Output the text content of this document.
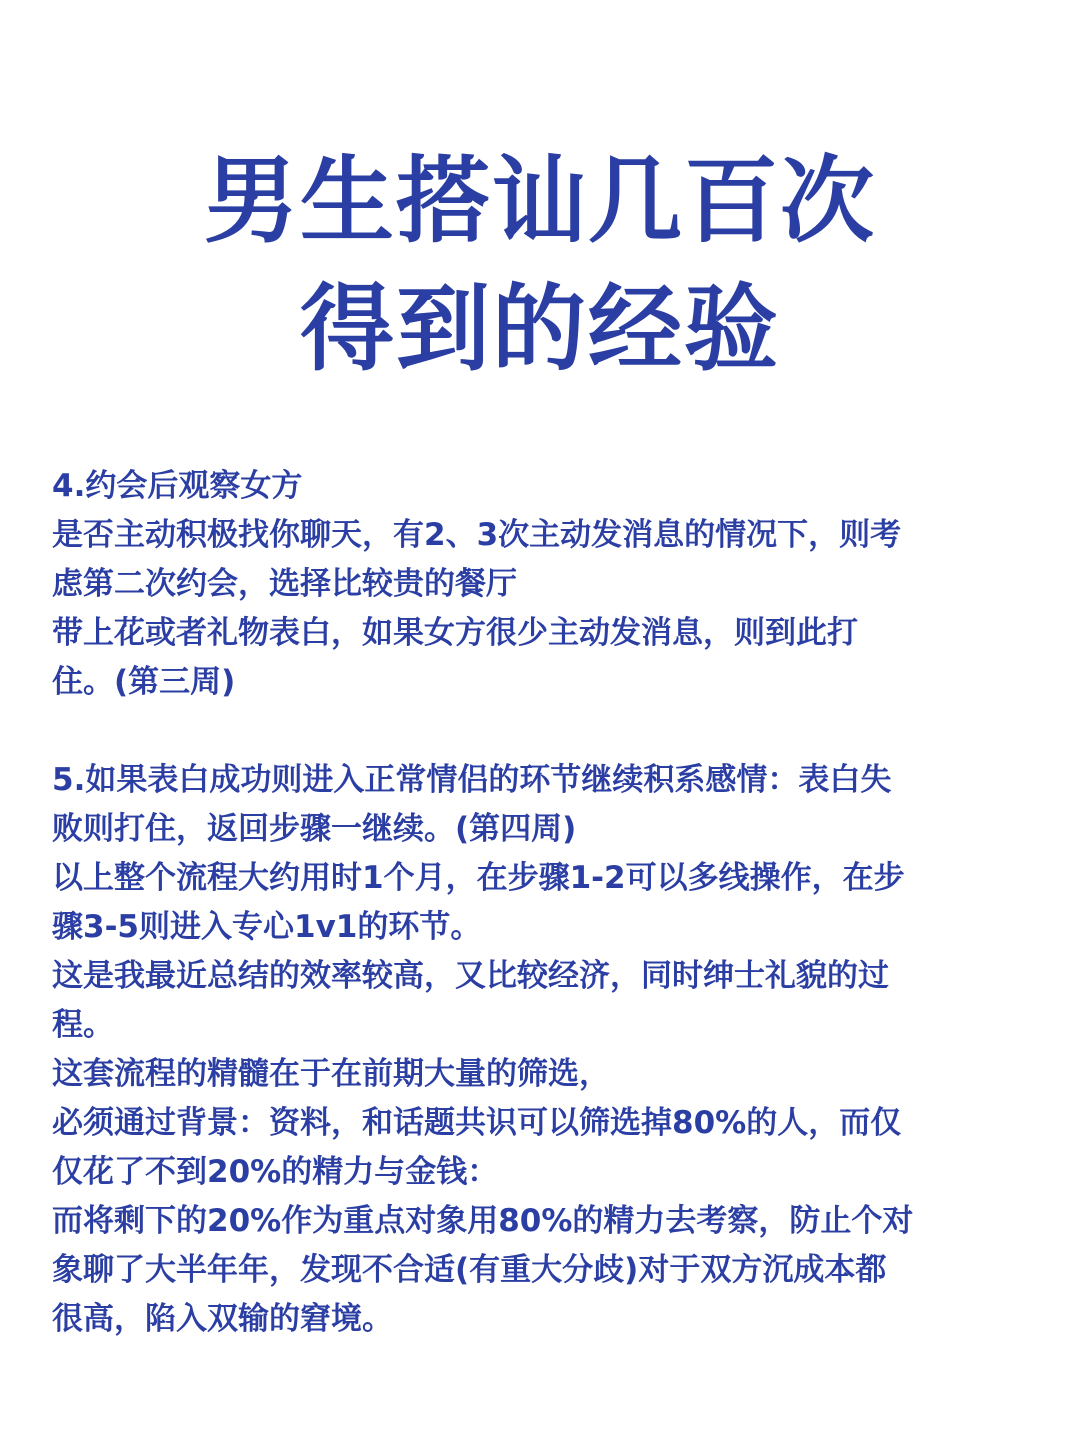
男生搭讪几百次
得到的经验
4.约会后观察女方
是否主动积极找你聊天，有2、3次主动发消息的情况下，则考
虑第二次约会，选择比较贵的餐厅
带上花或者礼物表白，如果女方很少主动发消息，则到此打
住。(第三周)
5.如果表白成功则进入正常情侣的环节继续积系感情：表白失
败则打住，返回步骤一继续。(第四周)
以上整个流程大约用时1个月，在步骤1-2可以多线操作，在步
骤3-5则进入专心1v1的环节。
这是我最近总结的效率较高，又比较经济，同时绅士礼貌的过
程。
这套流程的精髓在于在前期大量的筛选，
必须通过背景：资料，和话题共识可以筛选掉80%的人，而仅
仅花了不到20%的精力与金钱：
而将剩下的20%作为重点对象用80%的精力去考察，防止个对
象聊了大半年年，发现不合适(有重大分歧)对于双方沉成本都
很高，陷入双输的窘境。
